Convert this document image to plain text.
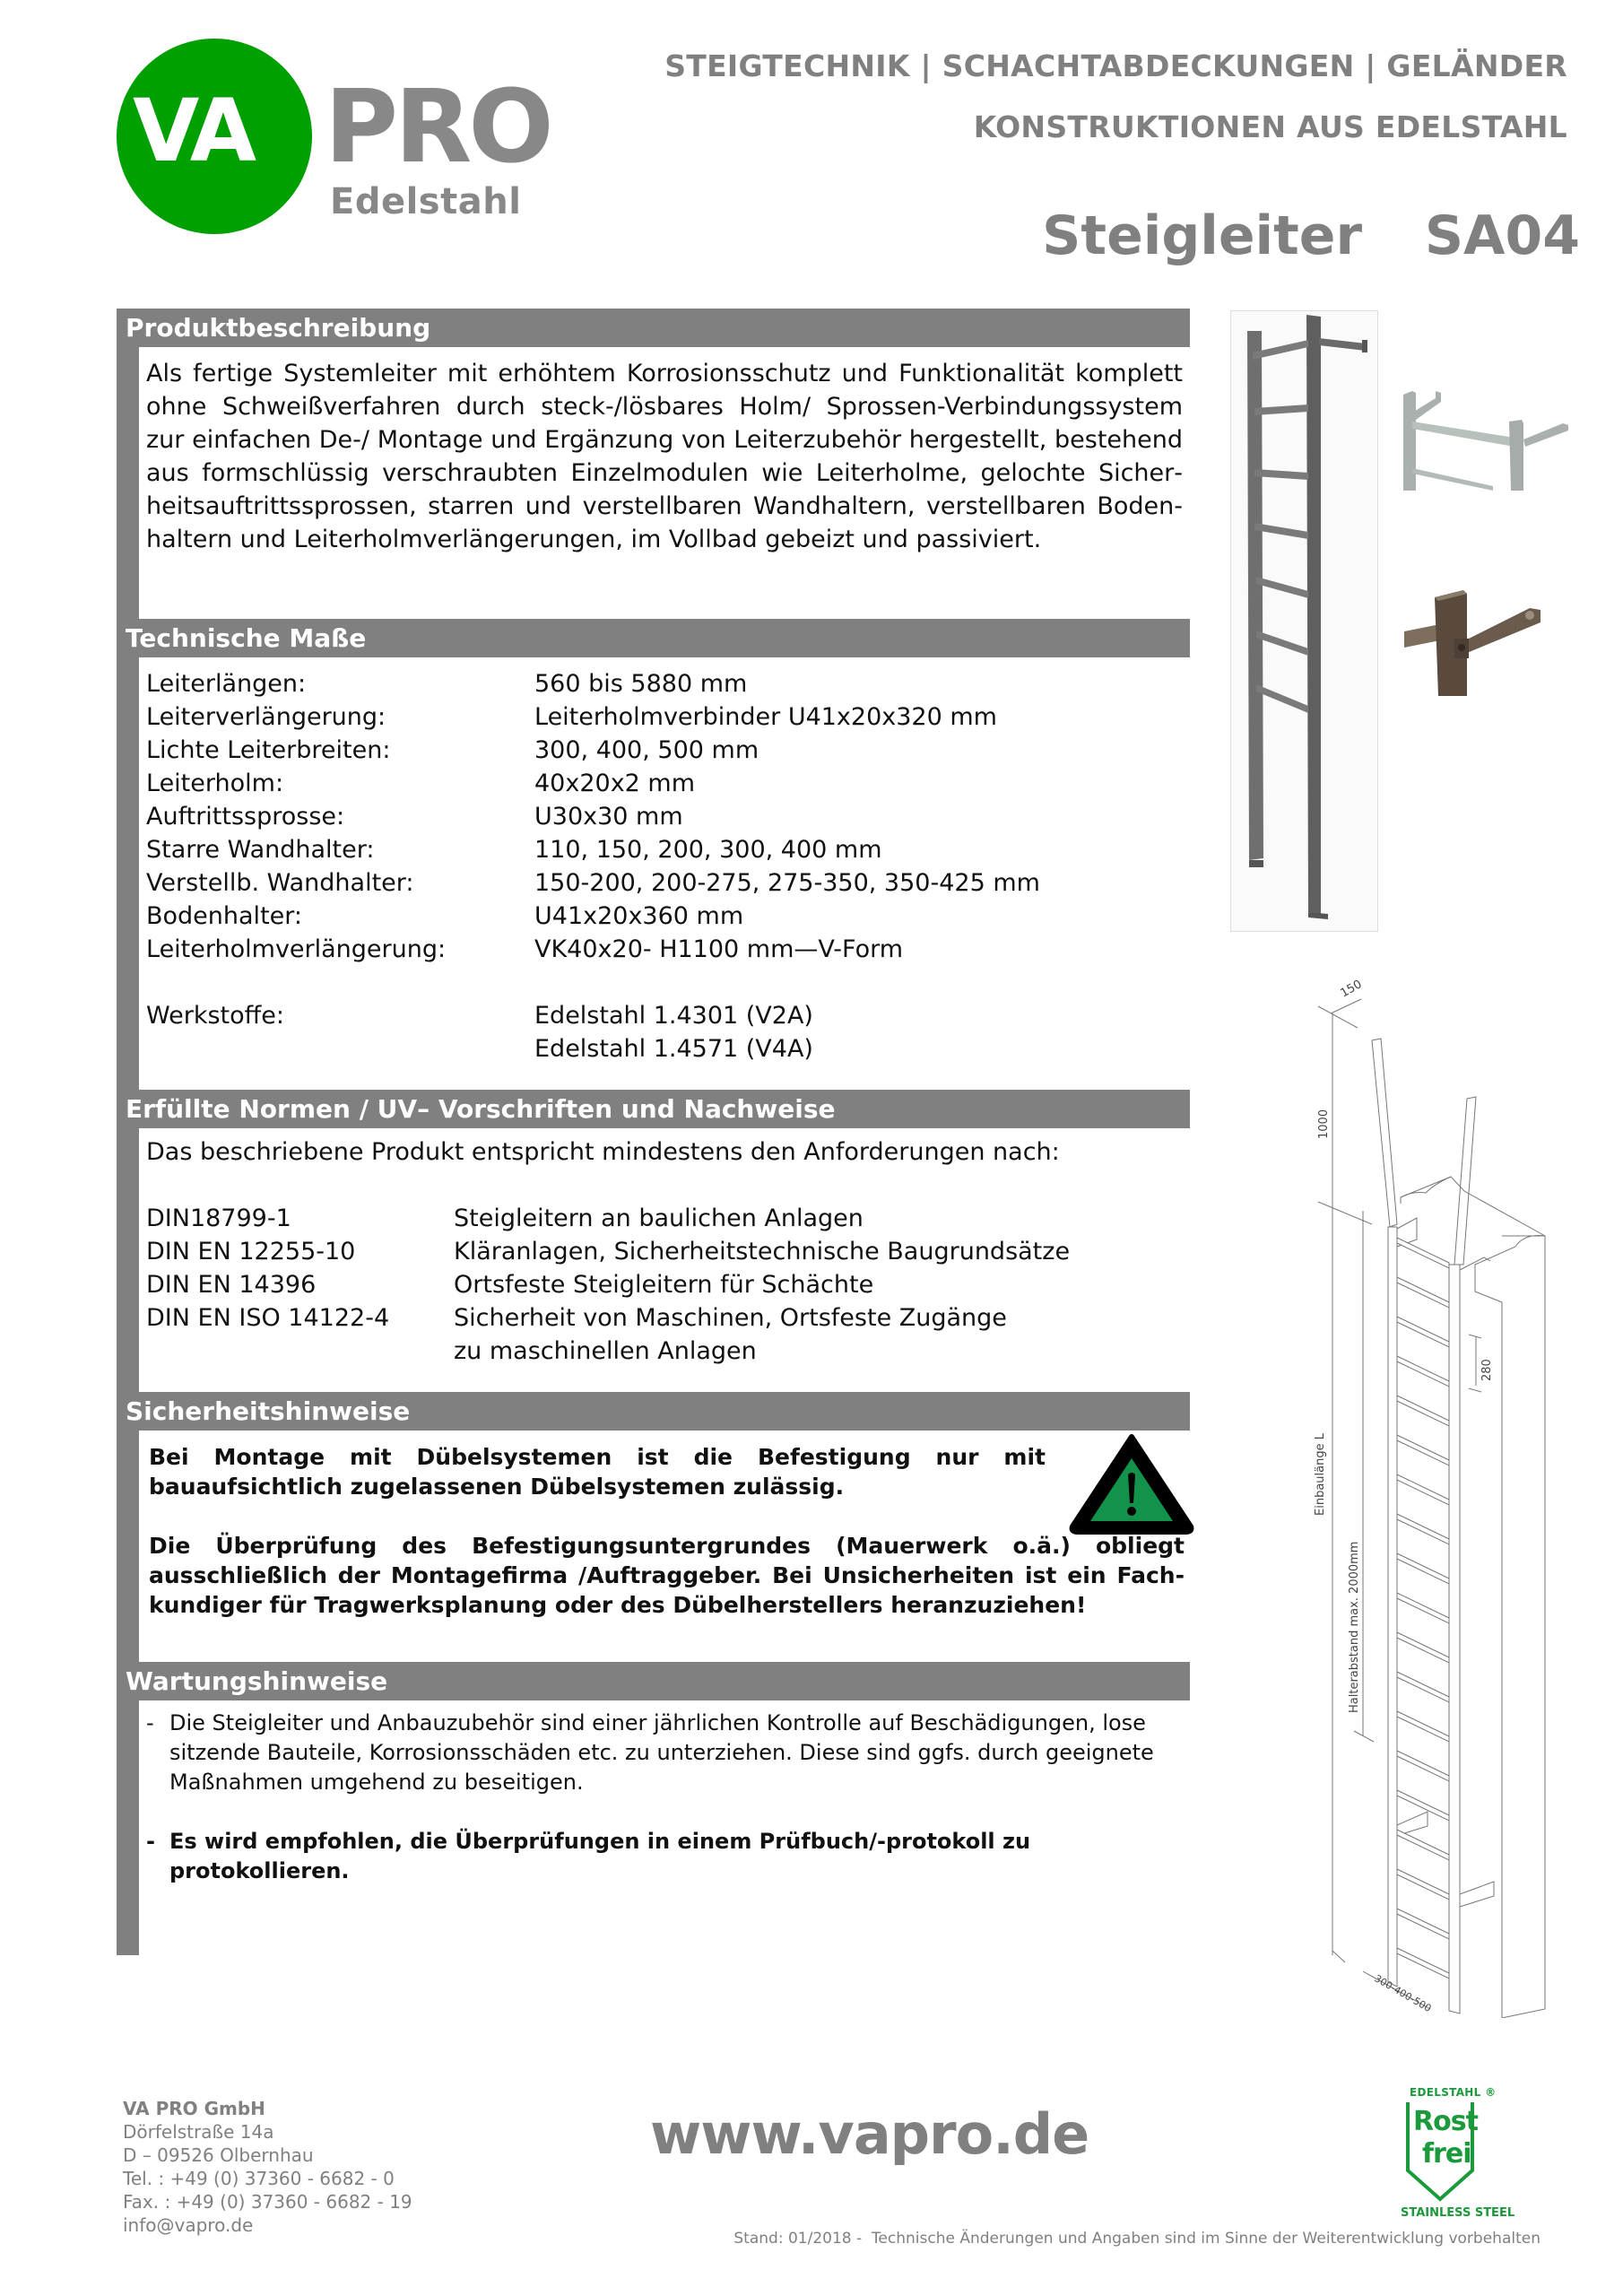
VA PRO
Edelstahl
STEIGTECHNIK | SCHACHTABDECKUNGEN | GELÄNDER
KONSTRUKTIONEN AUS EDELSTAHL
Steigleiter  SA04
Produktbeschreibung
Als fertige Systemleiter mit erhöhtem Korrosionsschutz und Funktionalität komplett ohne Schweißverfahren durch steck-/lösbares Holm/ Sprossen-Verbindungssystem zur einfachen De-/ Montage und Ergänzung von Leiterzubehör hergestellt, bestehend aus formschlüssig verschraubten Einzelmodulen wie Leiterholme, gelochte Sicherheitsauftrittssprossen, starren und verstellbaren Wandhaltern, verstellbaren Bodenhaltern und Leiterholmverlängerungen, im Vollbad gebeizt und passiviert.
Technische Maße
Leiterlängen:	560 bis 5880 mm
Leiterverlängerung:	Leiterholmverbinder U41x20x320 mm
Lichte Leiterbreiten:	300, 400, 500 mm
Leiterholm:	40x20x2 mm
Auftrittssprosse:	U30x30 mm
Starre Wandhalter:	110, 150, 200, 300, 400 mm
Verstellb. Wandhalter:	150-200, 200-275, 275-350, 350-425 mm
Bodenhalter:	U41x20x360 mm
Leiterholmverlängerung:	VK40x20- H1100 mm—V-Form
Werkstoffe:	Edelstahl 1.4301 (V2A)
Edelstahl 1.4571 (V4A)
Erfüllte Normen / UV– Vorschriften und Nachweise
Das beschriebene Produkt entspricht mindestens den Anforderungen nach:
DIN18799-1	Steigleitern an baulichen Anlagen
DIN EN 12255-10	Kläranlagen, Sicherheitstechnische Baugrundsätze
DIN EN 14396	Ortsfeste Steigleitern für Schächte
DIN EN ISO 14122-4	Sicherheit von Maschinen, Ortsfeste Zugänge zu maschinellen Anlagen
Sicherheitshinweise

Bei Montage mit Dübelsystemen ist die Befestigung nur mit bauaufsichtlich zugelassenen Dübelsystemen zulässig.

Die Überprüfung des Befestigungsuntergrundes (Mauerwerk o.ä.) obliegt ausschließlich der Montagefirma /Auftraggeber. Bei Unsicherheiten ist ein Fachkundiger für Tragwerksplanung oder des Dübelherstellers heranzuziehen!

Wartungshinweise
- Die Steigleiter und Anbauzubehör sind einer jährlichen Kontrolle auf Beschädigungen, lose sitzende Bauteile, Korrosionsschäden etc. zu unterziehen. Diese sind ggfs. durch geeignete Maßnahmen umgehend zu beseitigen.
- Es wird empfohlen, die Überprüfungen in einem Prüfbuch/-protokoll zu protokollieren.
150
1000
280
Einbaulänge L
Halterabstand max. 2000mm
300-400-500
VA PRO GmbH
Dörfelstraße 14a
D – 09526 Olbernhau
Tel. : +49 (0) 37360 - 6682 - 0
Fax. : +49 (0) 37360 - 6682 - 19
info@vapro.de
www.vapro.de
Stand: 01/2018 -  Technische Änderungen und Angaben sind im Sinne der Weiterentwicklung vorbehalten
EDELSTAHL ®
Rost
frei
STAINLESS STEEL
